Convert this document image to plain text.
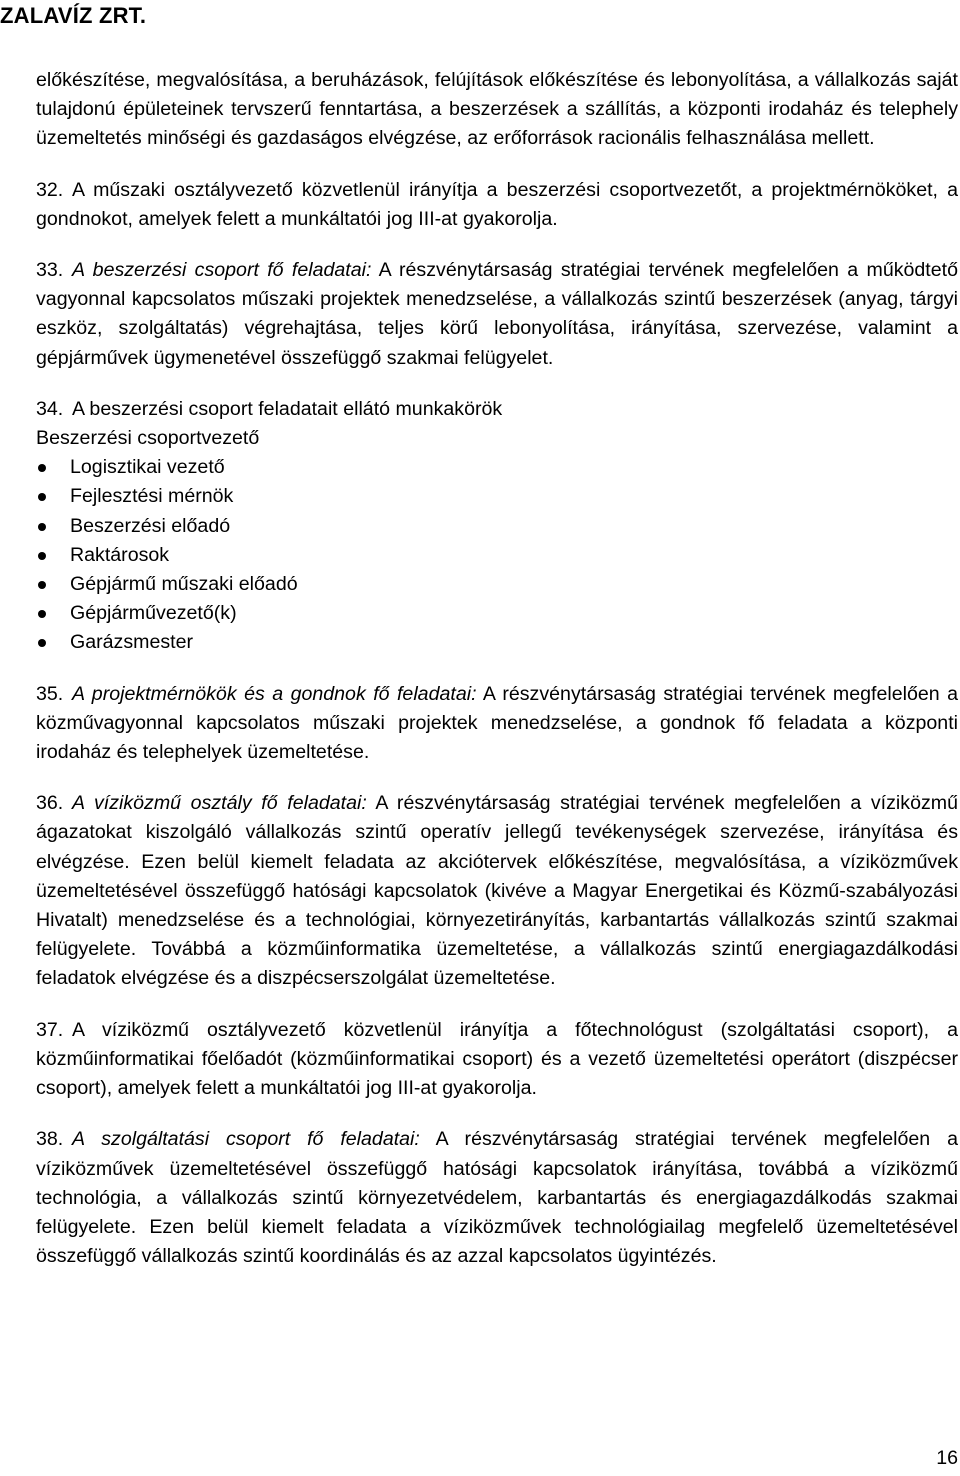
ZALAVÍZ ZRT.

előkészítése, megvalósítása, a beruházások, felújítások előkészítése és lebonyolítása, a vállalkozás saját tulajdonú épületeinek tervszerű fenntartása, a beszerzések a szállítás, a központi irodaház és telephely üzemeltetés minőségi és gazdaságos elvégzése, az erőforrások racionális felhasználása mellett.

32. A műszaki osztályvezető közvetlenül irányítja a beszerzési csoportvezetőt, a projektmérnököket, a gondnokot, amelyek felett a munkáltatói jog III-at gyakorolja.
33. A beszerzési csoport fő feladatai: A részvénytársaság stratégiai tervének megfelelően a működtető vagyonnal kapcsolatos műszaki projektek menedzselése, a vállalkozás szintű beszerzések (anyag, tárgyi eszköz, szolgáltatás) végrehajtása, teljes körű lebonyolítása, irányítása, szervezése, valamint a gépjárművek ügymenetével összefüggő szakmai felügyelet.
34. A beszerzési csoport feladatait ellátó munkakörök

Beszerzési csoportvezető

Logisztikai vezető
Fejlesztési mérnök
Beszerzési előadó
Raktárosok
Gépjármű műszaki előadó
Gépjárművezető(k)
Garázsmester
35. A projektmérnökök és a gondnok fő feladatai: A részvénytársaság stratégiai tervének megfelelően a közművagyonnal kapcsolatos műszaki projektek menedzselése, a gondnok fő feladata a központi irodaház és telephelyek üzemeltetése.
36. A víziközmű osztály fő feladatai: A részvénytársaság stratégiai tervének megfelelően a víziközmű ágazatokat kiszolgáló vállalkozás szintű operatív jellegű tevékenységek szervezése, irányítása és elvégzése. Ezen belül kiemelt feladata az akciótervek előkészítése, megvalósítása, a víziközművek üzemeltetésével összefüggő hatósági kapcsolatok (kivéve a Magyar Energetikai és Közmű-szabályozási Hivatalt) menedzselése és a technológiai, környezetirányítás, karbantartás vállalkozás szintű szakmai felügyelete. Továbbá a közműinformatika üzemeltetése, a vállalkozás szintű energiagazdálkodási feladatok elvégzése és a diszpécserszolgálat üzemeltetése.
37. A víziközmű osztályvezető közvetlenül irányítja a főtechnológust (szolgáltatási csoport), a közműinformatikai főelőadót (közműinformatikai csoport) és a vezető üzemeltetési operátort (diszpécser csoport), amelyek felett a munkáltatói jog III-at gyakorolja.
38. A szolgáltatási csoport fő feladatai: A részvénytársaság stratégiai tervének megfelelően a víziközművek üzemeltetésével összefüggő hatósági kapcsolatok irányítása, továbbá a víziközmű technológia, a vállalkozás szintű környezetvédelem, karbantartás és energiagazdálkodás szakmai felügyelete. Ezen belül kiemelt feladata a víziközművek technológiailag megfelelő üzemeltetésével összefüggő vállalkozás szintű koordinálás és az azzal kapcsolatos ügyintézés.
16
